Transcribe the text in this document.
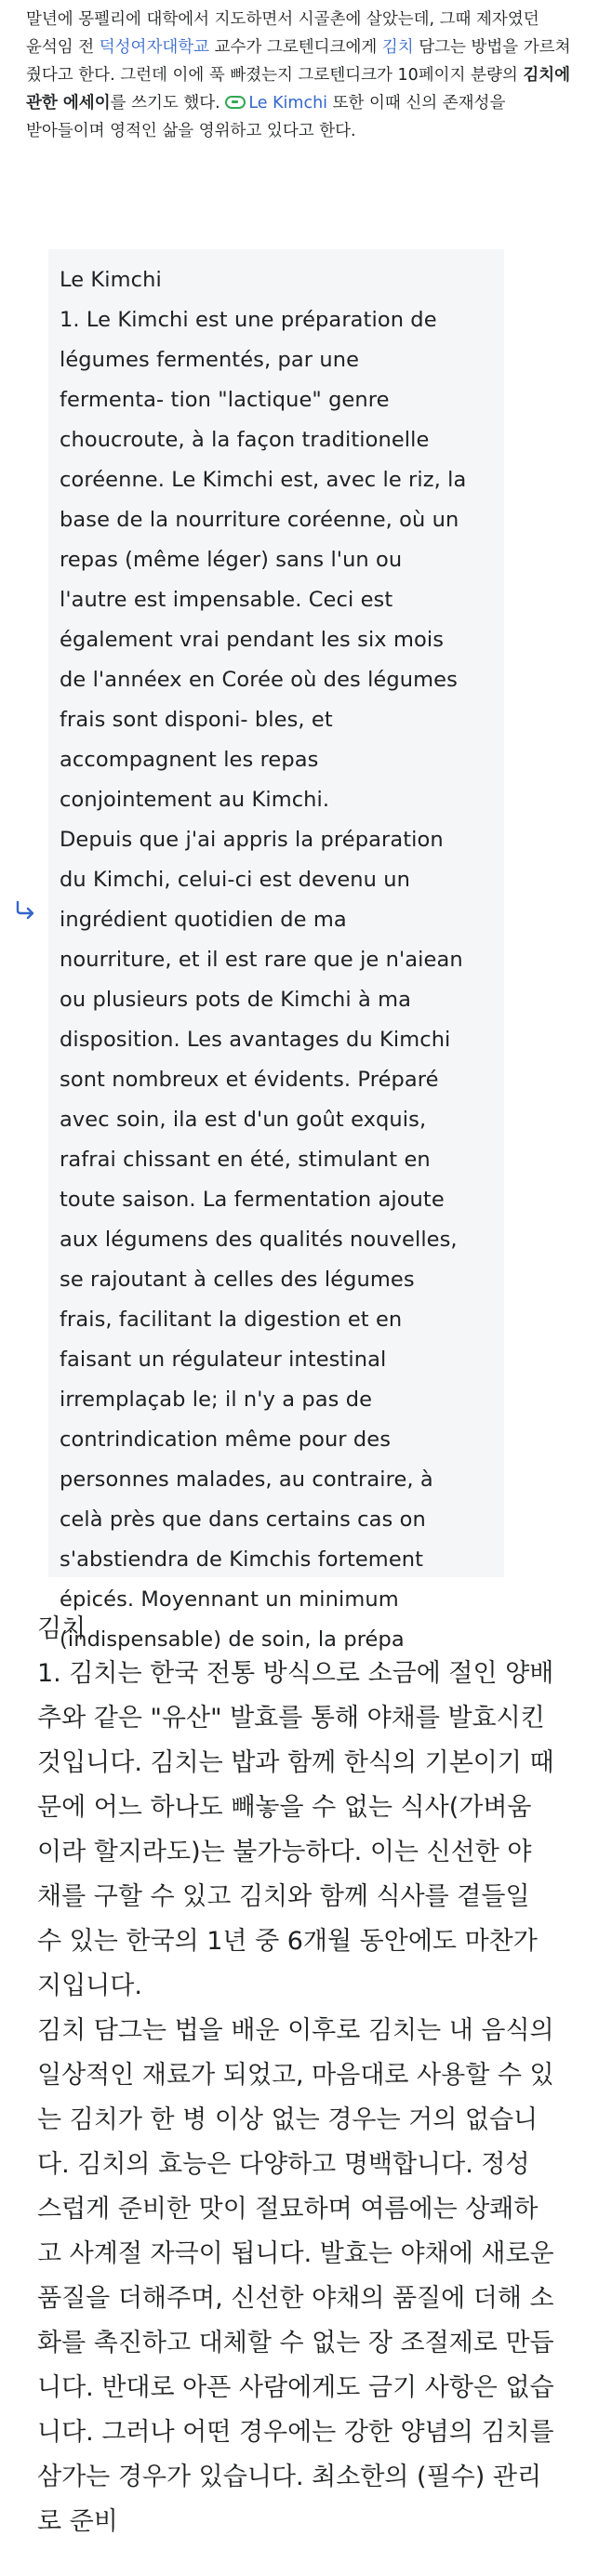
말년에 몽펠리에 대학에서 지도하면서 시골촌에 살았는데, 그때 제자였던 윤석임 전 덕성여자대학교 교수가 그로텐디크에게 김치 담그는 방법을 가르쳐 줬다고 한다. 그런데 이에 푹 빠졌는지 그로텐디크가 10페이지 분량의 김치에 관한 에세이를 쓰기도 했다. Le Kimchi 또한 이때 신의 존재성을 받아들이며 영적인 삶을 영위하고 있다고 한다.
Le Kimchi
1. Le Kimchi est une préparation de
légumes fermentés, par une
fermenta- tion "lactique" genre
choucroute, à la façon traditionelle
coréenne. Le Kimchi est, avec le riz, la
base de la nourriture coréenne, où un
repas (même léger) sans l'un ou
l'autre est impensable. Ceci est
également vrai pendant les six mois
de l'annéex en Corée où des légumes
frais sont disponi- bles, et
accompagnent les repas
conjointement au Kimchi.
Depuis que j'ai appris la préparation
du Kimchi, celui-ci est devenu un
ingrédient quotidien de ma
nourriture, et il est rare que je n'aiean
ou plusieurs pots de Kimchi à ma
disposition. Les avantages du Kimchi
sont nombreux et évidents. Préparé
avec soin, ila est d'un goût exquis,
rafrai chissant en été, stimulant en
toute saison. La fermentation ajoute
aux légumens des qualités nouvelles,
se rajoutant à celles des légumes
frais, facilitant la digestion et en
faisant un régulateur intestinal
irremplaçab le; il n'y a pas de
contrindication même pour des
personnes malades, au contraire, à
celà près que dans certains cas on
s'abstiendra de Kimchis fortement
épicés. Moyennant un minimum
(indispensable) de soin, la prépa
김치
1. 김치는 한국 전통 방식으로 소금에 절인 양배
추와 같은 "유산" 발효를 통해 야채를 발효시킨
것입니다. 김치는 밥과 함께 한식의 기본이기 때
문에 어느 하나도 빼놓을 수 없는 식사(가벼움
이라 할지라도)는 불가능하다. 이는 신선한 야
채를 구할 수 있고 김치와 함께 식사를 곁들일
수 있는 한국의 1년 중 6개월 동안에도 마찬가
지입니다.
김치 담그는 법을 배운 이후로 김치는 내 음식의
일상적인 재료가 되었고, 마음대로 사용할 수 있
는 김치가 한 병 이상 없는 경우는 거의 없습니
다. 김치의 효능은 다양하고 명백합니다. 정성
스럽게 준비한 맛이 절묘하며 여름에는 상쾌하
고 사계절 자극이 됩니다. 발효는 야채에 새로운
품질을 더해주며, 신선한 야채의 품질에 더해 소
화를 촉진하고 대체할 수 없는 장 조절제로 만듭
니다. 반대로 아픈 사람에게도 금기 사항은 없습
니다. 그러나 어떤 경우에는 강한 양념의 김치를
삼가는 경우가 있습니다. 최소한의 (필수) 관리
로 준비
